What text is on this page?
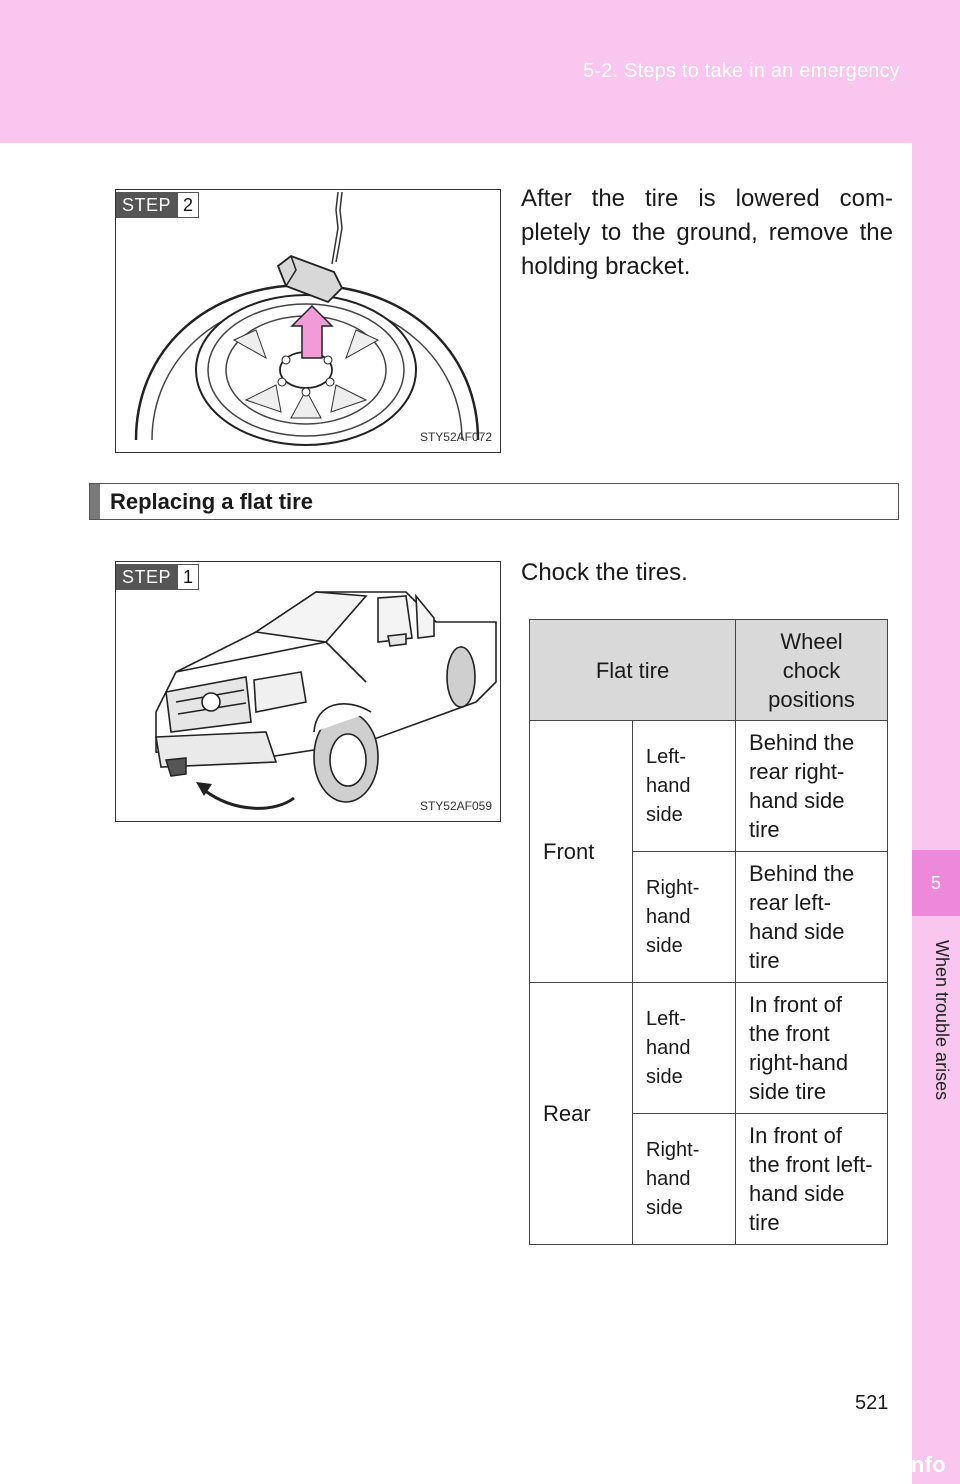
5-2. Steps to take in an emergency
5
When trouble arises
STEP 2
STY52AF072
After the tire is lowered com-pletely to the ground, remove the holding bracket.
Replacing a flat tire
STEP 1
STY52AF059
Chock the tires.
Flat tire		Wheel chock positions
Front	Left-hand side	Behind the rear right-hand side tire
	Right-hand side	Behind the rear left-hand side tire
Rear	Left-hand side	In front of the front right-hand side tire
	Right-hand side	In front of the front left-hand side tire
521
carmanualsonline.info
